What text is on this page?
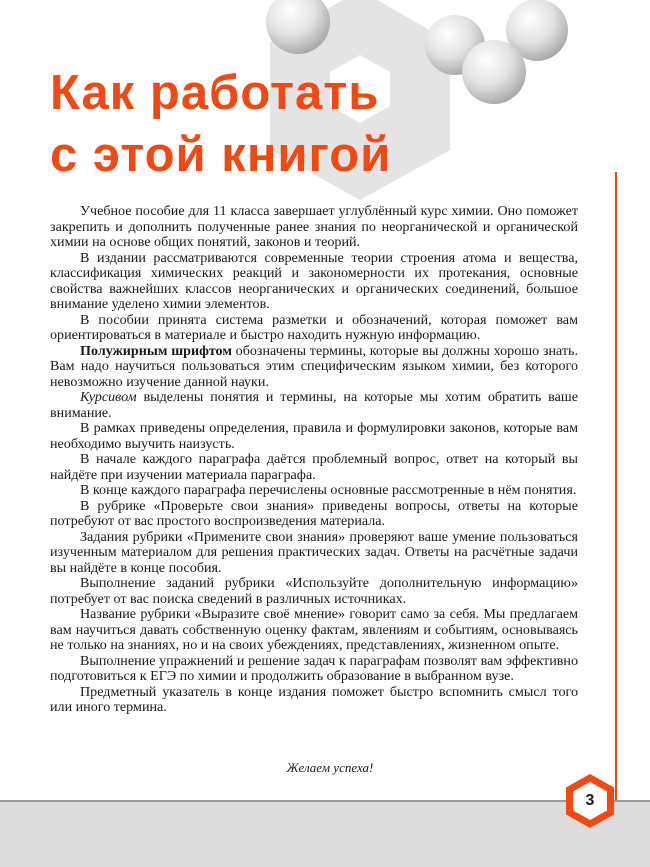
Как работать
с этой книгой

Учебное пособие для 11 класса завершает углублённый курс химии. Оно поможет закрепить и дополнить полученные ранее знания по неорганической и органической химии на основе общих понятий, законов и теорий.

В издании рассматриваются современные теории строения атома и вещества, классификация химических реакций и закономерности их протекания, основные свойства важнейших классов неорганических и органических соединений, большое внимание уделено химии элементов.

В пособии принята система разметки и обозначений, которая поможет вам ориентироваться в материале и быстро находить нужную информацию.

Полужирным шрифтом обозначены термины, которые вы должны хорошо знать. Вам надо научиться пользоваться этим специфическим языком химии, без которого невозможно изучение данной науки.

Курсивом выделены понятия и термины, на которые мы хотим обратить ваше внимание.

В рамках приведены определения, правила и формулировки законов, которые вам необходимо выучить наизусть.

В начале каждого параграфа даётся проблемный вопрос, ответ на который вы найдёте при изучении материала параграфа.

В конце каждого параграфа перечислены основные рассмотренные в нём понятия.

В рубрике «Проверьте свои знания» приведены вопросы, ответы на которые потребуют от вас простого воспроизведения материала.

Задания рубрики «Примените свои знания» проверяют ваше умение пользоваться изученным материалом для решения практических задач. Ответы на расчётные задачи вы найдёте в конце пособия.

Выполнение заданий рубрики «Используйте дополнительную информацию» потребует от вас поиска сведений в различных источниках.

Название рубрики «Выразите своё мнение» говорит само за себя. Мы предлагаем вам научиться давать собственную оценку фактам, явлениям и событиям, основываясь не только на знаниях, но и на своих убеждениях, представлениях, жизненном опыте.

Выполнение упражнений и решение задач к параграфам позволят вам эффективно подготовиться к ЕГЭ по химии и продолжить образование в выбранном вузе.

Предметный указатель в конце издания поможет быстро вспомнить смысл того или иного термина.

Желаем успеха!
3
